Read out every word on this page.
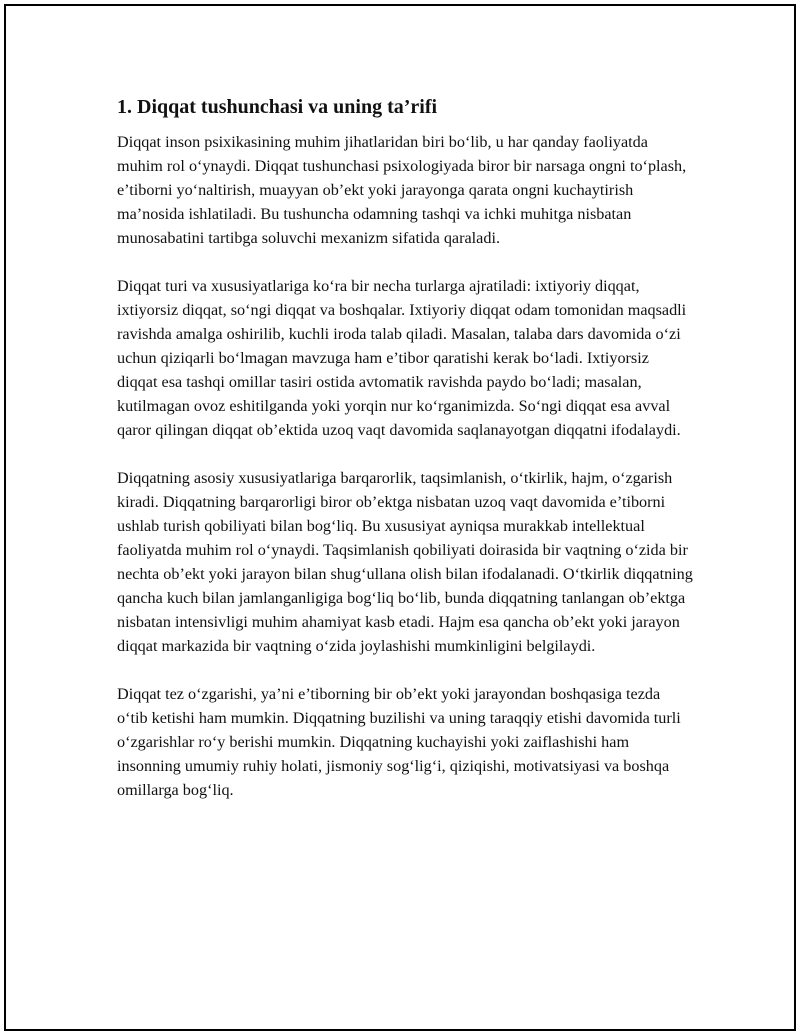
1. Diqqat tushunchasi va uning ta’rifi

Diqqat inson psixikasining muhim jihatlaridan biri bo‘lib, u har qanday faoliyatda muhim rol o‘ynaydi. Diqqat tushunchasi psixologiyada biror bir narsaga ongni to‘plash, e’tiborni yo‘naltirish, muayyan ob’ekt yoki jarayonga qarata ongni kuchaytirish ma’nosida ishlatiladi. Bu tushuncha odamning tashqi va ichki muhitga nisbatan munosabatini tartibga soluvchi mexanizm sifatida qaraladi.

Diqqat turi va xususiyatlariga ko‘ra bir necha turlarga ajratiladi: ixtiyoriy diqqat, ixtiyorsiz diqqat, so‘ngi diqqat va boshqalar. Ixtiyoriy diqqat odam tomonidan maqsadli ravishda amalga oshirilib, kuchli iroda talab qiladi. Masalan, talaba dars davomida o‘zi uchun qiziqarli bo‘lmagan mavzuga ham e’tibor qaratishi kerak bo‘ladi. Ixtiyorsiz diqqat esa tashqi omillar tasiri ostida avtomatik ravishda paydo bo‘ladi; masalan, kutilmagan ovoz eshitilganda yoki yorqin nur ko‘rganimizda. So‘ngi diqqat esa avval qaror qilingan diqqat ob’ektida uzoq vaqt davomida saqlanayotgan diqqatni ifodalaydi.

Diqqatning asosiy xususiyatlariga barqarorlik, taqsimlanish, o‘tkirlik, hajm, o‘zgarish kiradi. Diqqatning barqarorligi biror ob’ektga nisbatan uzoq vaqt davomida e’tiborni ushlab turish qobiliyati bilan bog‘liq. Bu xususiyat ayniqsa murakkab intellektual faoliyatda muhim rol o‘ynaydi. Taqsimlanish qobiliyati doirasida bir vaqtning o‘zida bir nechta ob’ekt yoki jarayon bilan shug‘ullana olish bilan ifodalanadi. O‘tkirlik diqqatning qancha kuch bilan jamlanganligiga bog‘liq bo‘lib, bunda diqqatning tanlangan ob’ektga nisbatan intensivligi muhim ahamiyat kasb etadi. Hajm esa qancha ob’ekt yoki jarayon diqqat markazida bir vaqtning o‘zida joylashishi mumkinligini belgilaydi.

Diqqat tez o‘zgarishi, ya’ni e’tiborning bir ob’ekt yoki jarayondan boshqasiga tezda o‘tib ketishi ham mumkin. Diqqatning buzilishi va uning taraqqiy etishi davomida turli o‘zgarishlar ro‘y berishi mumkin. Diqqatning kuchayishi yoki zaiflashishi ham insonning umumiy ruhiy holati, jismoniy sog‘lig‘i, qiziqishi, motivatsiyasi va boshqa omillarga bog‘liq.
